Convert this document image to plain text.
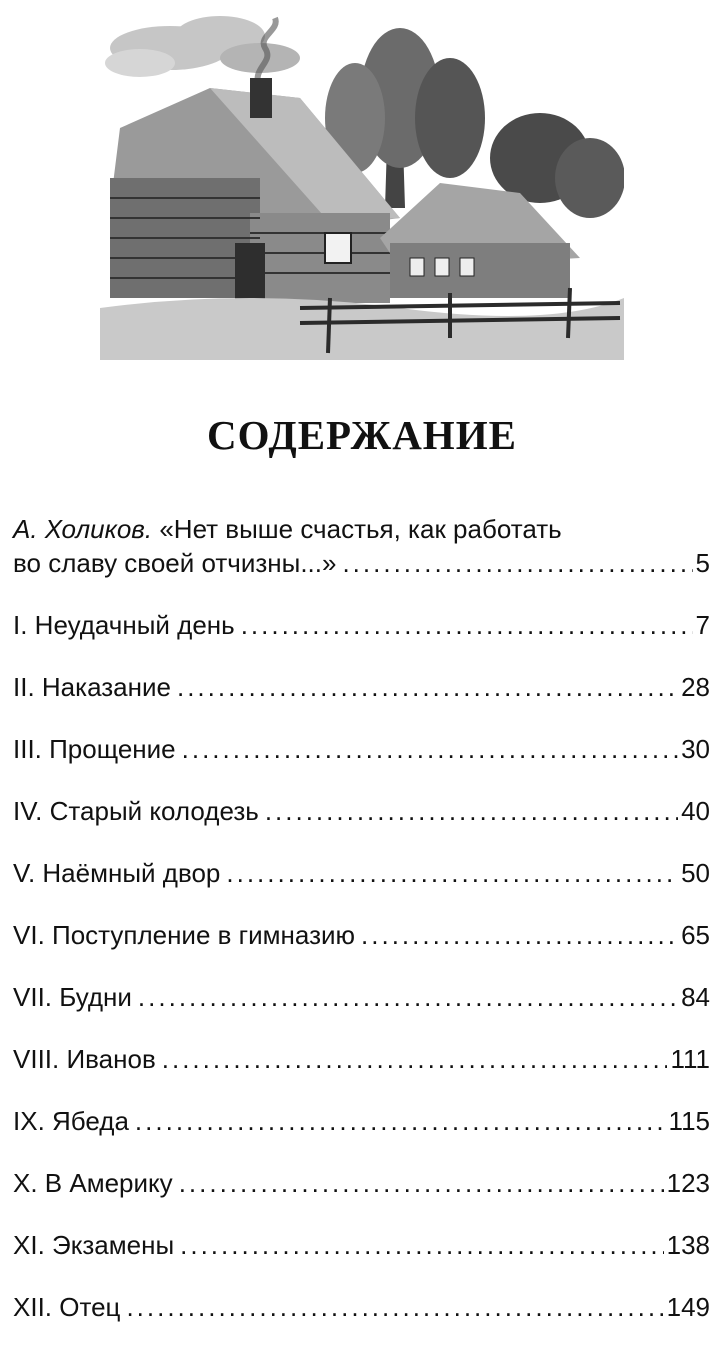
СОДЕРЖАНИЕ
А. Холиков. «Нет выше счастья, как работать
во славу своей отчизны...» .....	5
I. Неудачный день .....	7
II. Наказание .....	28
III. Прощение .....	30
IV. Старый колодезь .....	40
V. Наёмный двор .....	50
VI. Поступление в гимназию .....	65
VII. Будни .....	84
VIII. Иванов .....	111
IX. Ябеда .....	115
X. В Америку .....	123
XI. Экзамены .....	138
XII. Отец .....	149
